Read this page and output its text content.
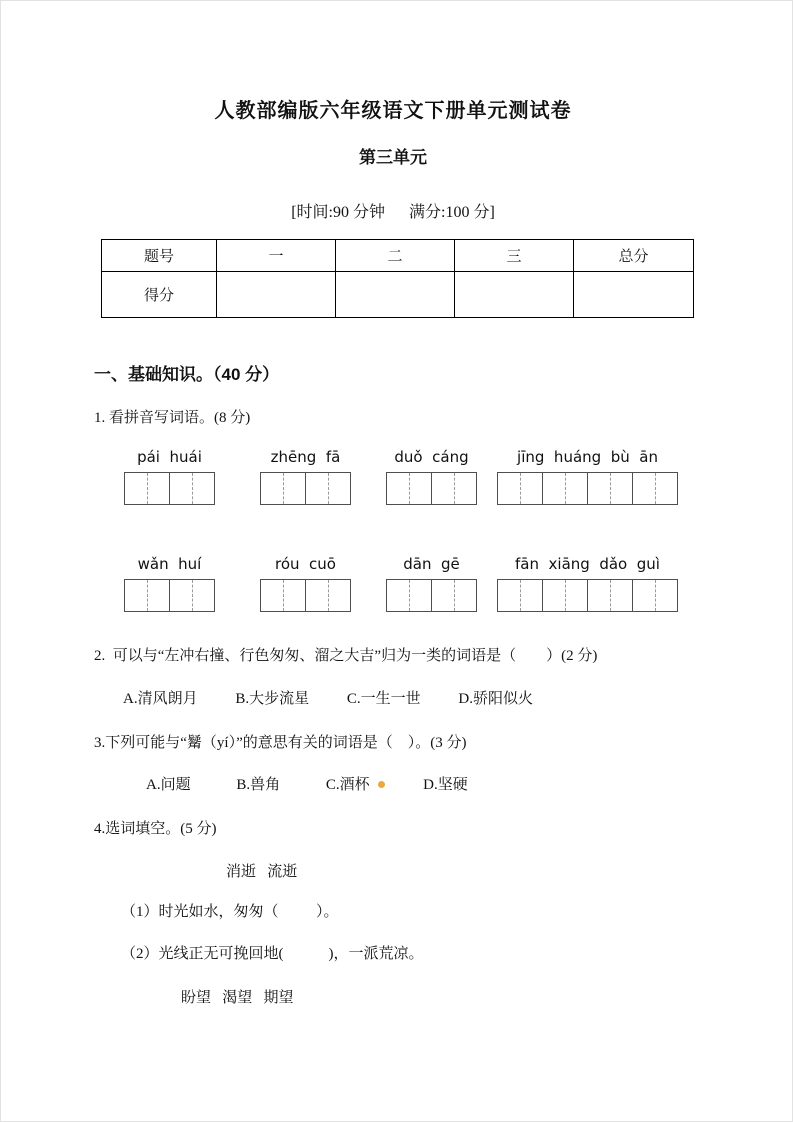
人教部编版六年级语文下册单元测试卷
第三单元
[时间:90 分钟      满分:100 分]
题号	一	二	三	总分
得分				
一、基础知识。（40 分）
1. 看拼音写词语。(8 分)
pái  huái	zhēng  fā	duǒ  cáng	jīng  huáng  bù  ān
wǎn  huí	róu  cuō	dān  gē	fān  xiāng  dǎo  guì
2.  可以与“左冲右撞、行色匆匆、溜之大吉”归为一类的词语是（        ）(2 分)
A.清风朗月	B.大步流星	C.一生一世	D.骄阳似火
3.下列可能与“觺（yí）”的意思有关的词语是（    ）。(3 分)
A.问题	B.兽角	C.酒杯	D.坚硬
4.选词填空。(5 分)
消逝   流逝
（1）时光如水，匆匆（          ）。
（2）光线正无可挽回地(            )，一派荒凉。
盼望   渴望   期望
